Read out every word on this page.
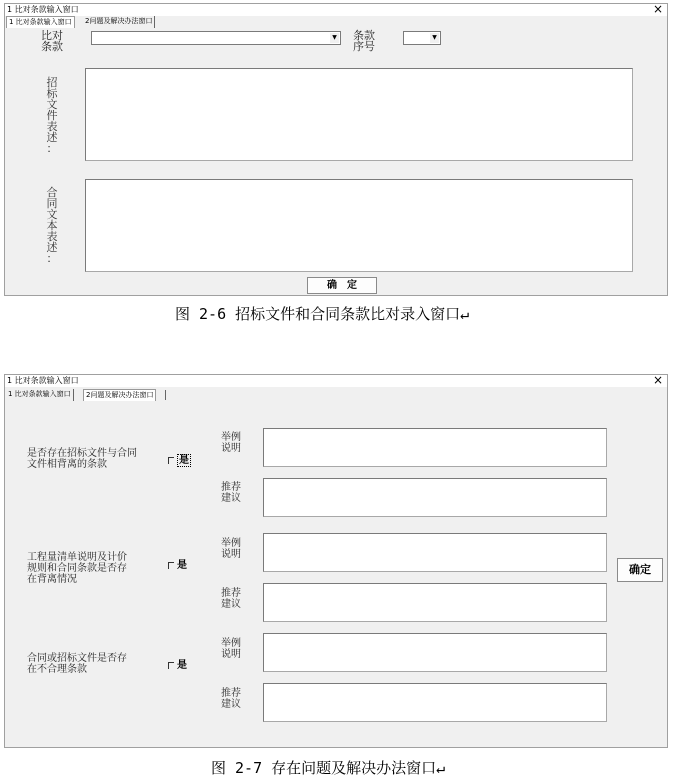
1 比对条款输入窗口	×
1 比对条款输入窗口	2问题及解决办法窗口
比对
条款
▼ 条款
序号
▼
招
标
文
件
表
述
：
合
同
文
本
表
述
：
确　定
图 2-6 招标文件和合同条款比对录入窗口↵
1 比对条款输入窗口	×
1 比对条款输入窗口	2问题及解决办法窗口
是否存在招标文件与合同文件相背离的条款	是
举例
说明
推荐
建议
工程量清单说明及计价规则和合同条款是否存在背离情况
是
举例
说明
推荐
建议
合同或招标文件是否存在不合理条款	是
举例
说明
推荐
建议
确定
图 2-7 存在问题及解决办法窗口↵
